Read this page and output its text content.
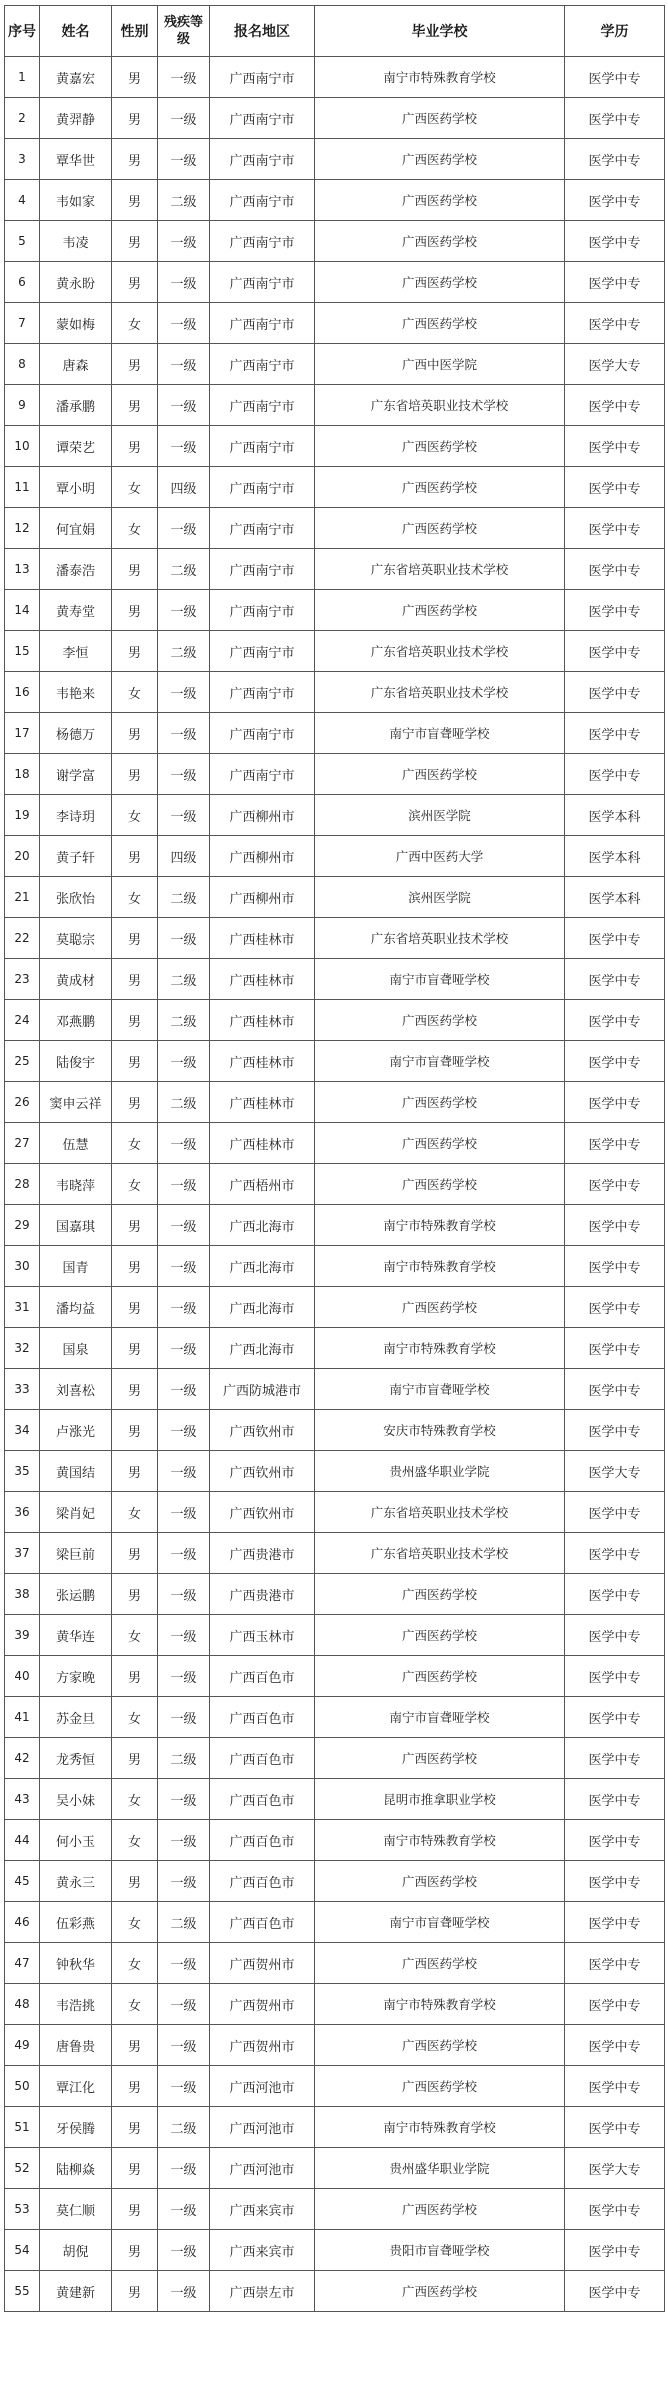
序号	姓名	性别	残疾等级	报名地区	毕业学校	学历
1	黄嘉宏	男	一级	广西南宁市	南宁市特殊教育学校	医学中专
2	黄羿静	男	一级	广西南宁市	广西医药学校	医学中专
3	覃华世	男	一级	广西南宁市	广西医药学校	医学中专
4	韦如家	男	二级	广西南宁市	广西医药学校	医学中专
5	韦凌	男	一级	广西南宁市	广西医药学校	医学中专
6	黄永盼	男	一级	广西南宁市	广西医药学校	医学中专
7	蒙如梅	女	一级	广西南宁市	广西医药学校	医学中专
8	唐森	男	一级	广西南宁市	广西中医学院	医学大专
9	潘承鹏	男	一级	广西南宁市	广东省培英职业技术学校	医学中专
10	谭荣艺	男	一级	广西南宁市	广西医药学校	医学中专
11	覃小明	女	四级	广西南宁市	广西医药学校	医学中专
12	何宜娟	女	一级	广西南宁市	广西医药学校	医学中专
13	潘泰浩	男	二级	广西南宁市	广东省培英职业技术学校	医学中专
14	黄寿堂	男	一级	广西南宁市	广西医药学校	医学中专
15	李恒	男	二级	广西南宁市	广东省培英职业技术学校	医学中专
16	韦艳来	女	一级	广西南宁市	广东省培英职业技术学校	医学中专
17	杨德万	男	一级	广西南宁市	南宁市盲聋哑学校	医学中专
18	谢学富	男	一级	广西南宁市	广西医药学校	医学中专
19	李诗玥	女	一级	广西柳州市	滨州医学院	医学本科
20	黄子轩	男	四级	广西柳州市	广西中医药大学	医学本科
21	张欣怡	女	二级	广西柳州市	滨州医学院	医学本科
22	莫聪宗	男	一级	广西桂林市	广东省培英职业技术学校	医学中专
23	黄成材	男	二级	广西桂林市	南宁市盲聋哑学校	医学中专
24	邓燕鹏	男	二级	广西桂林市	广西医药学校	医学中专
25	陆俊宇	男	一级	广西桂林市	南宁市盲聋哑学校	医学中专
26	窦申云祥	男	二级	广西桂林市	广西医药学校	医学中专
27	伍慧	女	一级	广西桂林市	广西医药学校	医学中专
28	韦晓萍	女	一级	广西梧州市	广西医药学校	医学中专
29	国嘉琪	男	一级	广西北海市	南宁市特殊教育学校	医学中专
30	国青	男	一级	广西北海市	南宁市特殊教育学校	医学中专
31	潘均益	男	一级	广西北海市	广西医药学校	医学中专
32	国泉	男	一级	广西北海市	南宁市特殊教育学校	医学中专
33	刘喜松	男	一级	广西防城港市	南宁市盲聋哑学校	医学中专
34	卢涨光	男	一级	广西钦州市	安庆市特殊教育学校	医学中专
35	黄国结	男	一级	广西钦州市	贵州盛华职业学院	医学大专
36	梁肖妃	女	一级	广西钦州市	广东省培英职业技术学校	医学中专
37	梁巨前	男	一级	广西贵港市	广东省培英职业技术学校	医学中专
38	张运鹏	男	一级	广西贵港市	广西医药学校	医学中专
39	黄华连	女	一级	广西玉林市	广西医药学校	医学中专
40	方家晚	男	一级	广西百色市	广西医药学校	医学中专
41	苏金旦	女	一级	广西百色市	南宁市盲聋哑学校	医学中专
42	龙秀恒	男	二级	广西百色市	广西医药学校	医学中专
43	吴小妹	女	一级	广西百色市	昆明市推拿职业学校	医学中专
44	何小玉	女	一级	广西百色市	南宁市特殊教育学校	医学中专
45	黄永三	男	一级	广西百色市	广西医药学校	医学中专
46	伍彩燕	女	二级	广西百色市	南宁市盲聋哑学校	医学中专
47	钟秋华	女	一级	广西贺州市	广西医药学校	医学中专
48	韦浩挑	女	一级	广西贺州市	南宁市特殊教育学校	医学中专
49	唐鲁贵	男	一级	广西贺州市	广西医药学校	医学中专
50	覃江化	男	一级	广西河池市	广西医药学校	医学中专
51	牙侯腾	男	二级	广西河池市	南宁市特殊教育学校	医学中专
52	陆柳焱	男	一级	广西河池市	贵州盛华职业学院	医学大专
53	莫仁顺	男	一级	广西来宾市	广西医药学校	医学中专
54	胡倪	男	一级	广西来宾市	贵阳市盲聋哑学校	医学中专
55	黄建新	男	一级	广西崇左市	广西医药学校	医学中专
